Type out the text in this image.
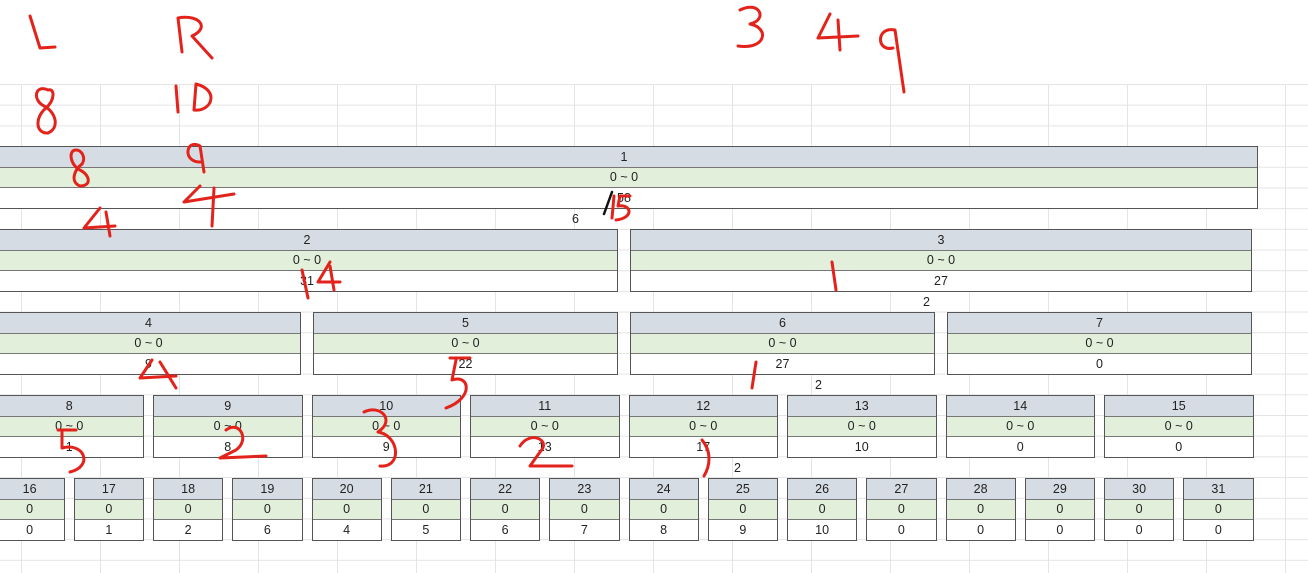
1
0 ~ 0
58
2
0 ~ 0
31
3
0 ~ 0
27
4
0 ~ 0
9
5
0 ~ 0
22
6
0 ~ 0
27
7
0 ~ 0
0
8
0 ~ 0
1
9
0 ~ 0
8
10
0 ~ 0
9
11
0 ~ 0
13
12
0 ~ 0
17
13
0 ~ 0
10
14
0 ~ 0
0
15
0 ~ 0
0
16
0
0
17
0
1
18
0
2
19
0
6
20
0
4
21
0
5
22
0
6
23
0
7
24
0
8
25
0
9
26
0
10
27
0
0
28
0
0
29
0
0
30
0
0
31
0
0
6
2
2
2
